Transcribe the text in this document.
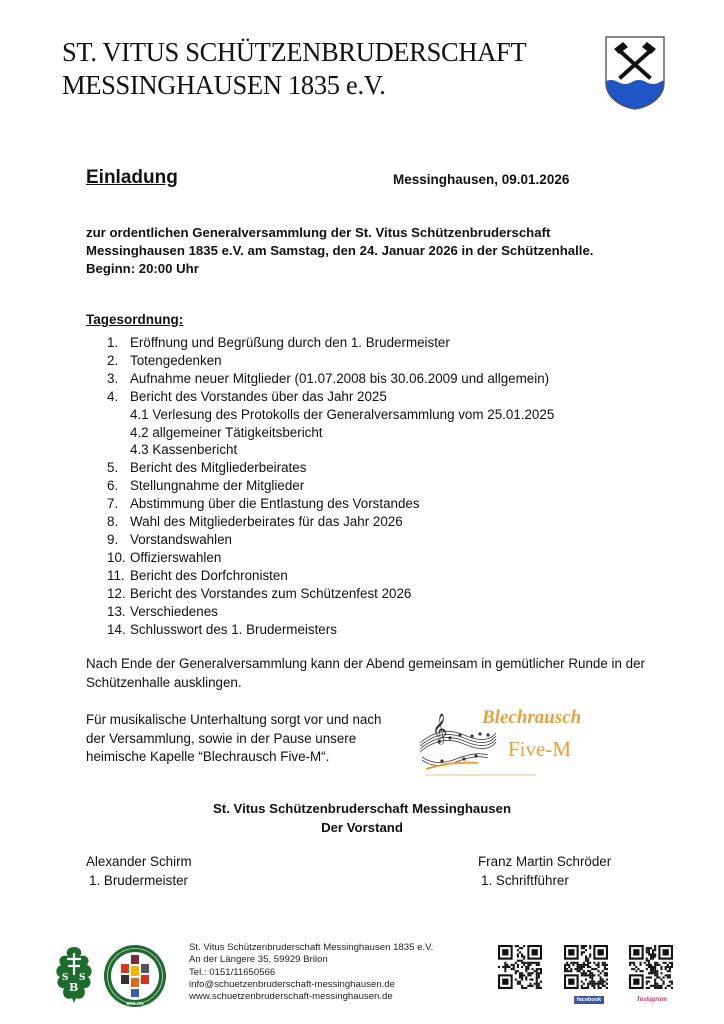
ST. VITUS SCHÜTZENBRUDERSCHAFT
MESSINGHAUSEN 1835 e.V.
Einladung	Messinghausen, 09.01.2026
zur ordentlichen Generalversammlung der St. Vitus Schützenbruderschaft
Messinghausen 1835 e.V. am Samstag, den 24. Januar 2026 in der Schützenhalle.
Beginn: 20:00 Uhr
Tagesordnung:
1. Eröffnung und Begrüßung durch den 1. Brudermeister
2. Totengedenken
3. Aufnahme neuer Mitglieder (01.07.2008 bis 30.06.2009 und allgemein)
4. Bericht des Vorstandes über das Jahr 2025
4.1 Verlesung des Protokolls der Generalversammlung vom 25.01.2025
4.2 allgemeiner Tätigkeitsbericht
4.3 Kassenbericht
5. Bericht des Mitgliederbeirates
6. Stellungnahme der Mitglieder
7. Abstimmung über die Entlastung des Vorstandes
8. Wahl des Mitgliederbeirates für das Jahr 2026
9. Vorstandswahlen
10. Offizierswahlen
11. Bericht des Dorfchronisten
12. Bericht des Vorstandes zum Schützenfest 2026
13. Verschiedenes
14. Schlusswort des 1. Brudermeisters
Nach Ende der Generalversammlung kann der Abend gemeinsam in gemütlicher Runde in der
Schützenhalle ausklingen.
Für musikalische Unterhaltung sorgt vor und nach
der Versammlung, sowie in der Pause unsere
heimische Kapelle “Blechrausch Five-M“.
𝄞 Blechrausch
Five-M
St. Vitus Schützenbruderschaft Messinghausen
Der Vorstand
Alexander Schirm
1. Brudermeister
Franz Martin Schröder
1. Schriftführer
S S
B
BRILON
St. Vitus Schützenbruderschaft Messinghausen 1835 e.V.
An der Längere 35, 59929 Brilon
Tel.: 0151/11650566
info@schuetzenbruderschaft-messinghausen.de
www.schuetzenbruderschaft-messinghausen.de	facebook	Instagram
